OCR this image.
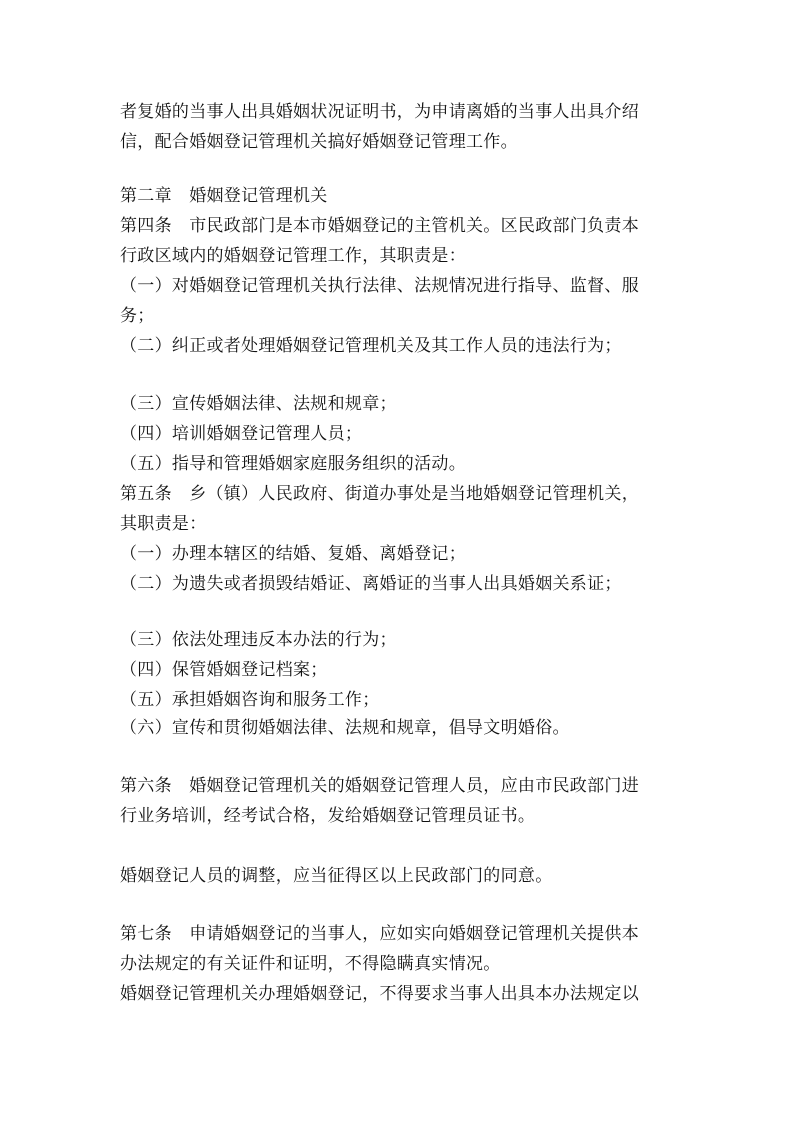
者复婚的当事人出具婚姻状况证明书，为申请离婚的当事人出具介绍
信，配合婚姻登记管理机关搞好婚姻登记管理工作。
第二章　婚姻登记管理机关
第四条　市民政部门是本市婚姻登记的主管机关。区民政部门负责本
行政区域内的婚姻登记管理工作，其职责是：
（一）对婚姻登记管理机关执行法律、法规情况进行指导、监督、服
务；
（二）纠正或者处理婚姻登记管理机关及其工作人员的违法行为；
（三）宣传婚姻法律、法规和规章；
（四）培训婚姻登记管理人员；
（五）指导和管理婚姻家庭服务组织的活动。
第五条　乡（镇）人民政府、街道办事处是当地婚姻登记管理机关，
其职责是：
（一）办理本辖区的结婚、复婚、离婚登记；
（二）为遗失或者损毁结婚证、离婚证的当事人出具婚姻关系证；
（三）依法处理违反本办法的行为；
（四）保管婚姻登记档案；
（五）承担婚姻咨询和服务工作；
（六）宣传和贯彻婚姻法律、法规和规章，倡导文明婚俗。
第六条　婚姻登记管理机关的婚姻登记管理人员，应由市民政部门进
行业务培训，经考试合格，发给婚姻登记管理员证书。
婚姻登记人员的调整，应当征得区以上民政部门的同意。
第七条　申请婚姻登记的当事人，应如实向婚姻登记管理机关提供本
办法规定的有关证件和证明，不得隐瞒真实情况。
婚姻登记管理机关办理婚姻登记，不得要求当事人出具本办法规定以
